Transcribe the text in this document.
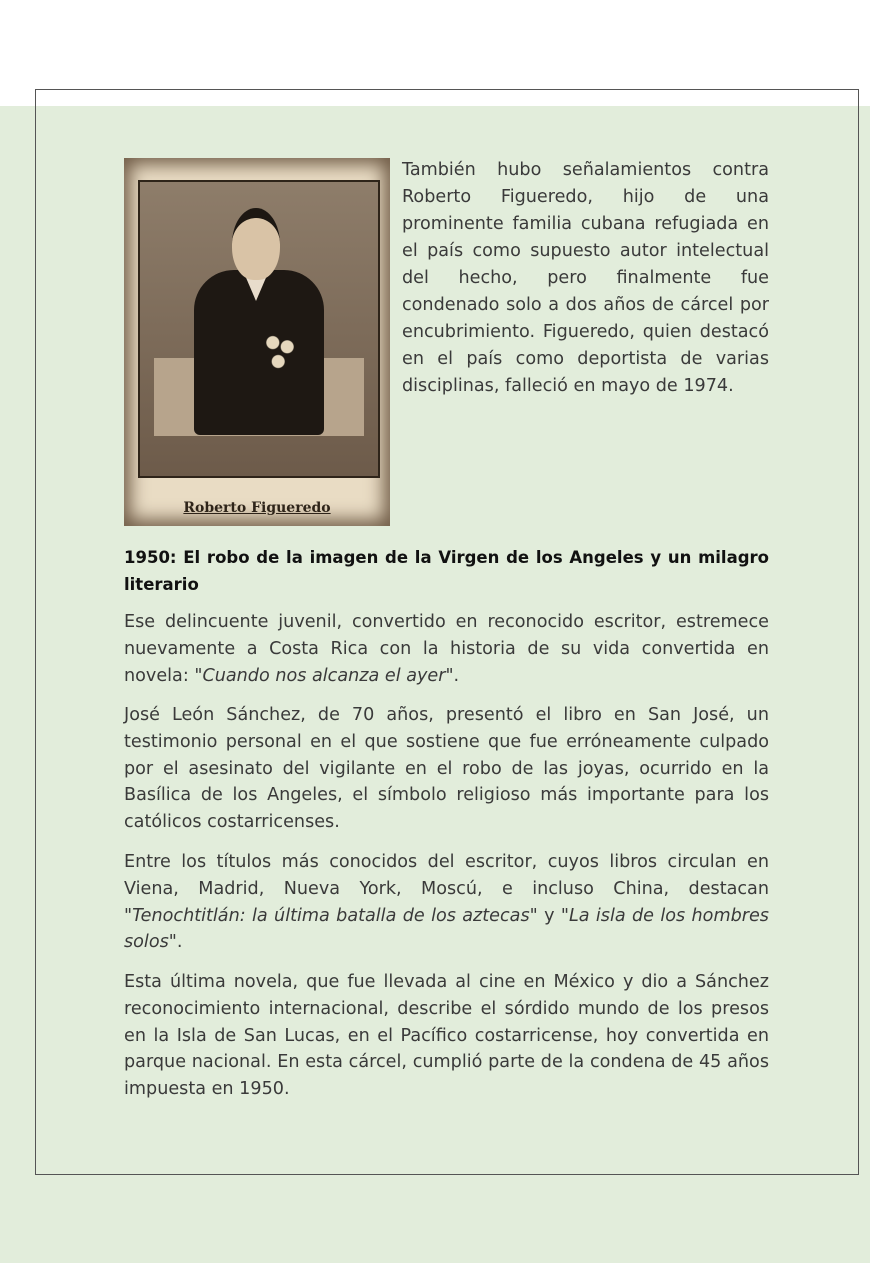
Roberto Figueredo

También hubo señalamientos contra Roberto Figueredo, hijo de una prominente familia cubana refugiada en el país como supuesto autor intelectual del hecho, pero finalmente fue condenado solo a dos años de cárcel por encubrimiento. Figueredo, quien destacó en el país como deportista de varias disciplinas, falleció en mayo de 1974.

1950: El robo de la imagen de la Virgen de los Angeles y un milagro literario

Ese delincuente juvenil, convertido en reconocido escritor, estremece nuevamente a Costa Rica con la historia de su vida convertida en novela: "Cuando nos alcanza el ayer".

José León Sánchez, de 70 años, presentó el libro en San José, un testimonio personal en el que sostiene que fue erróneamente culpado por el asesinato del vigilante en el robo de las joyas, ocurrido en la Basílica de los Angeles, el símbolo religioso más importante para los católicos costarricenses.

Entre los títulos más conocidos del escritor, cuyos libros circulan en Viena, Madrid, Nueva York, Moscú, e incluso China, destacan "Tenochtitlán: la última batalla de los aztecas" y "La isla de los hombres solos".

Esta última novela, que fue llevada al cine en México y dio a Sánchez reconocimiento internacional, describe el sórdido mundo de los presos en la Isla de San Lucas, en el Pacífico costarricense, hoy convertida en parque nacional. En esta cárcel, cumplió parte de la condena de 45 años impuesta en 1950.
